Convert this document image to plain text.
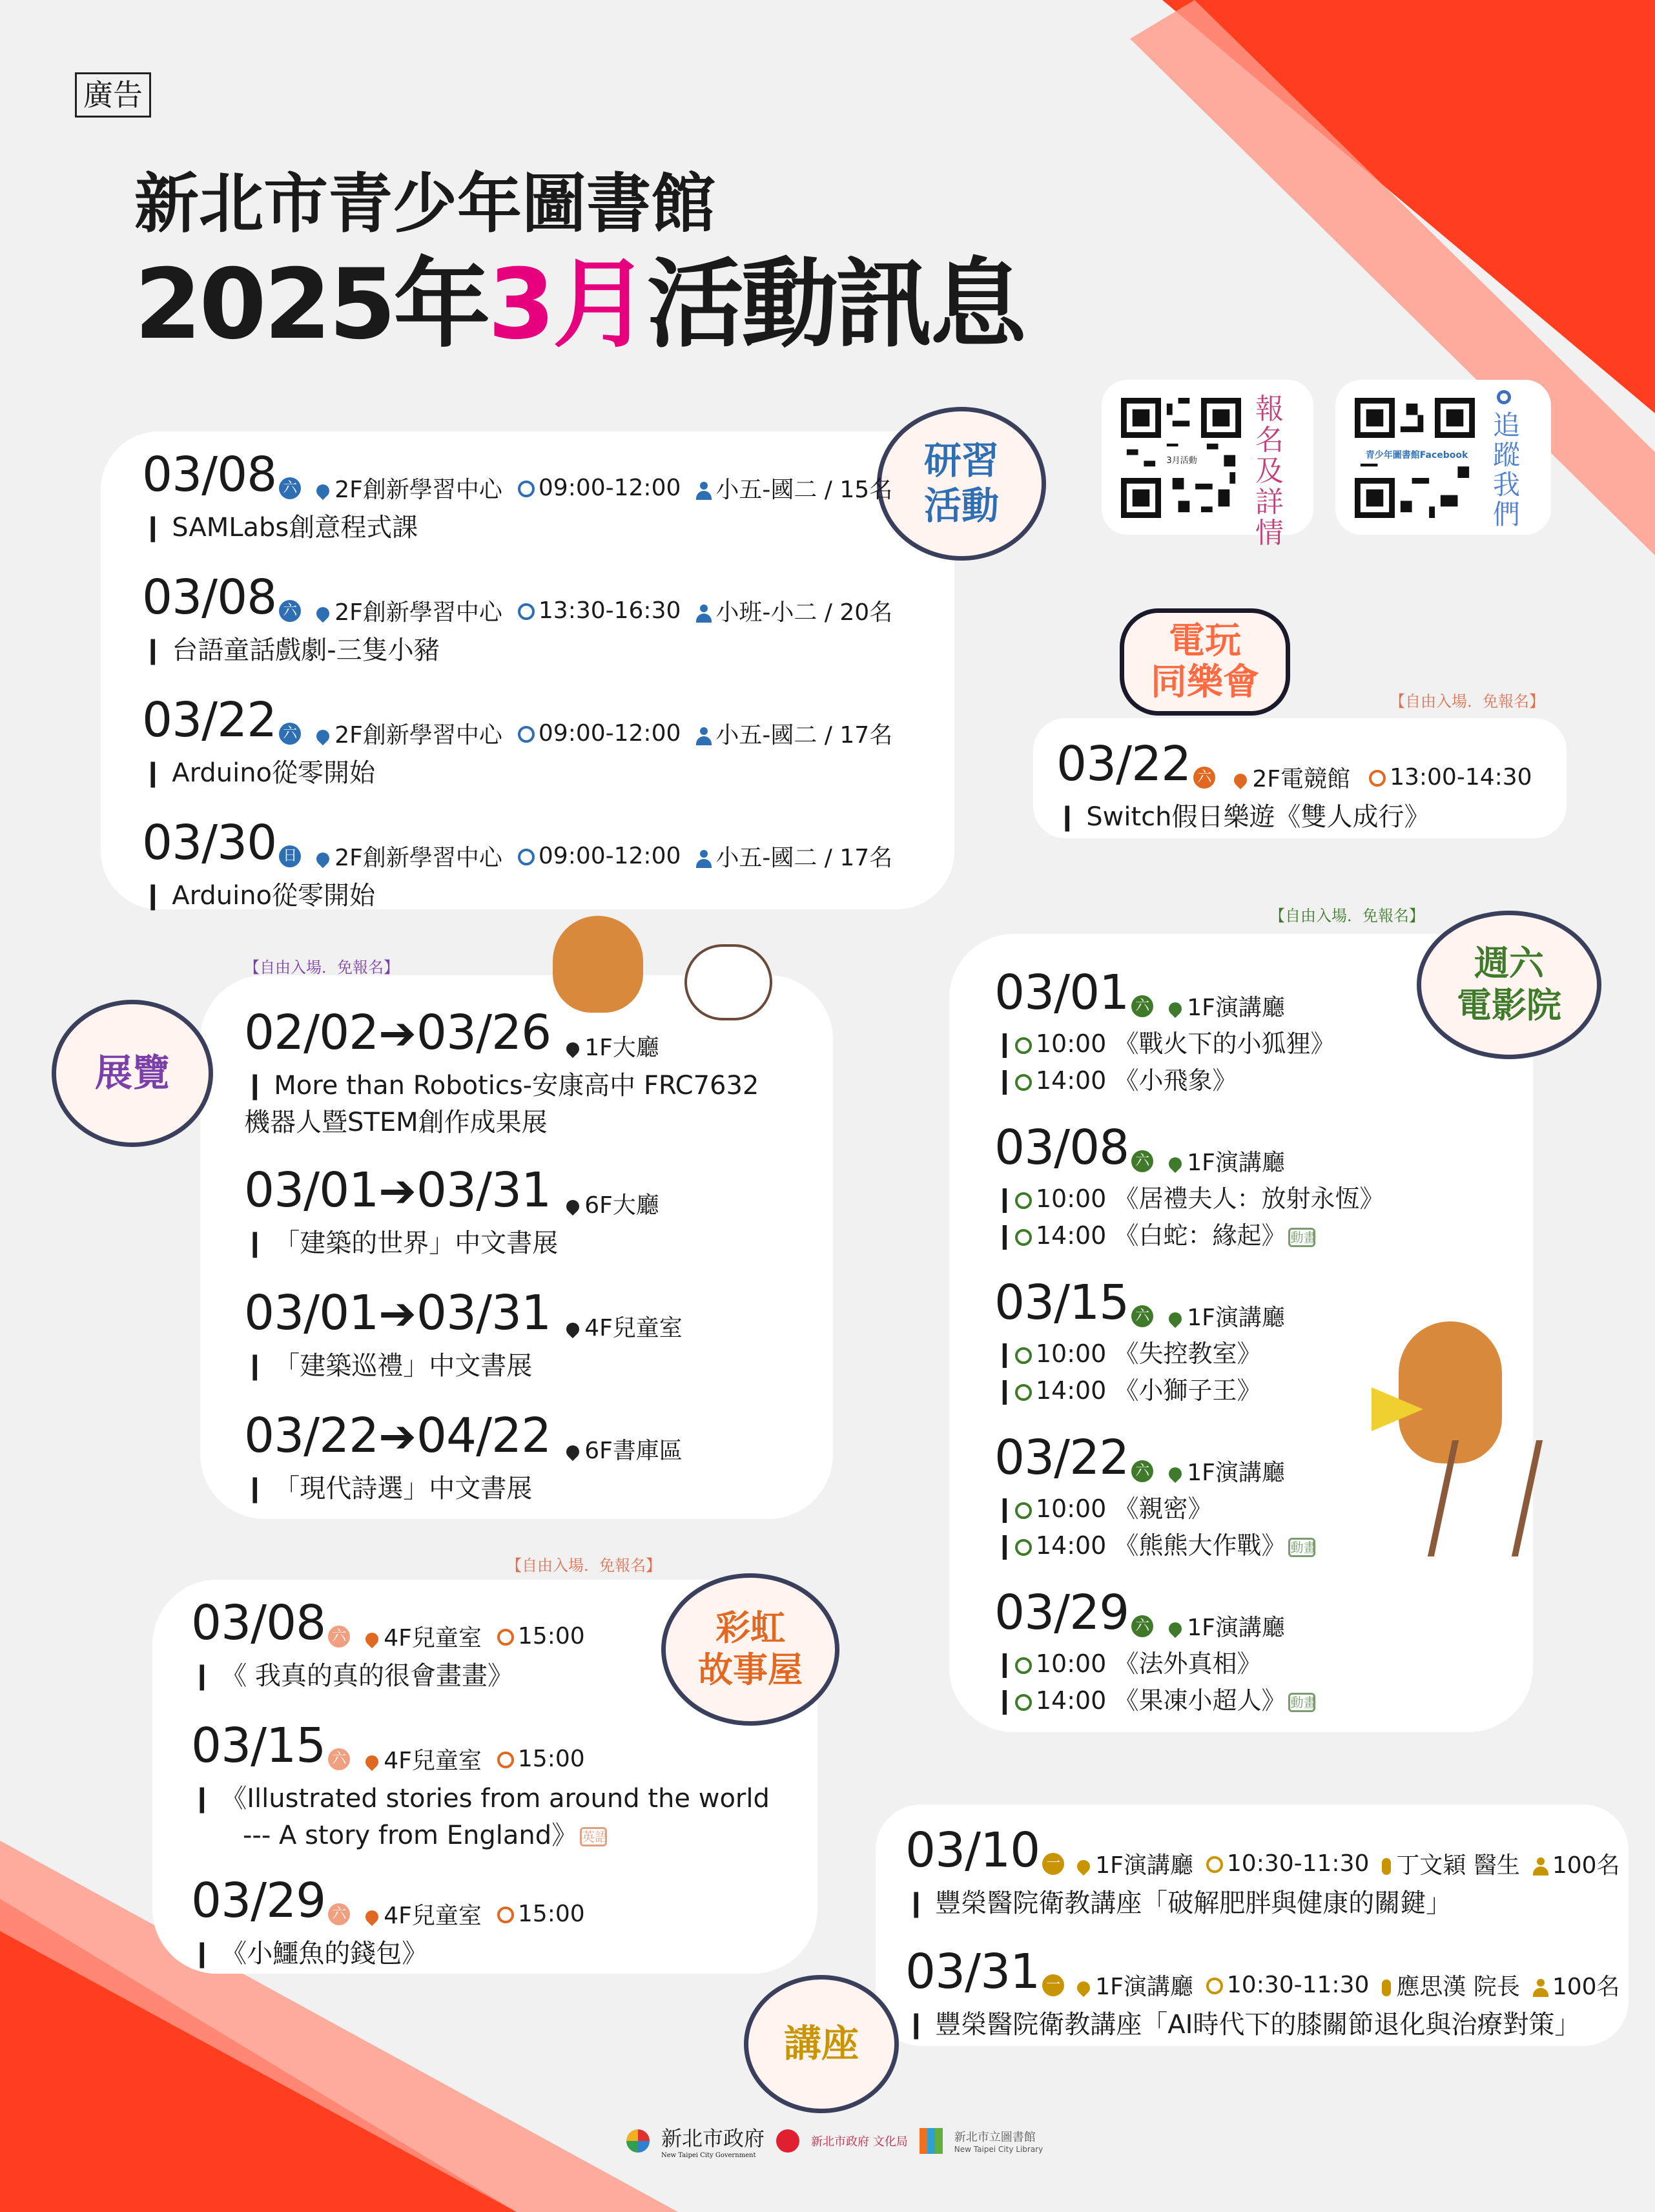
廣告
新北市青少年圖書館
2025年3月活動訊息
3月活動
報名及詳情
青少年圖書館Facebook
追蹤我們
研習
活動
03/08 六 2F創新學習中心 09:00-12:00 小五-國二 / 15名
❙ SAMLabs創意程式課
03/08 六 2F創新學習中心 13:30-16:30 小班-小二 / 20名
❙ 台語童話戲劇-三隻小豬
03/22 六 2F創新學習中心 09:00-12:00 小五-國二 / 17名
❙ Arduino從零開始
03/30 日 2F創新學習中心 09:00-12:00 小五-國二 / 17名
❙ Arduino從零開始
電玩
同樂會	【自由入場．免報名】
03/22 六 2F電競館 13:00-14:30
❙ Switch假日樂遊《雙人成行》
【自由入場．免報名】
展覽
02/02➔03/26 1F大廳
❙ More than Robotics-安康高中 FRC7632
機器人暨STEM創作成果展
03/01➔03/31 6F大廳
❙ 「建築的世界」中文書展
03/01➔03/31 4F兒童室
❙ 「建築巡禮」中文書展
03/22➔04/22 6F書庫區
❙ 「現代詩選」中文書展
【自由入場．免報名】
週六
電影院
03/01 六 1F演講廳
❙ 10:00 《戰火下的小狐狸》
❙ 14:00 《小飛象》
03/08 六 1F演講廳
❙ 10:00 《居禮夫人：放射永恆》
❙ 14:00 《白蛇：緣起》 動畫
03/15 六 1F演講廳
❙ 10:00 《失控教室》
❙ 14:00 《小獅子王》
03/22 六 1F演講廳
❙ 10:00 《親密》
❙ 14:00 《熊熊大作戰》 動畫
03/29 六 1F演講廳
❙ 10:00 《法外真相》
❙ 14:00 《果凍小超人》 動畫
【自由入場．免報名】
彩虹
故事屋
03/08 六 4F兒童室 15:00
❙ 《 我真的真的很會畫畫》
03/15 六 4F兒童室 15:00
❙ 《Illustrated stories from around the world
--- A story from England》 英語
03/29 六 4F兒童室 15:00
❙ 《小鱷魚的錢包》
講座
03/10 一 1F演講廳 10:30-11:30 丁文穎 醫生 100名
❙ 豐榮醫院衛教講座「破解肥胖與健康的關鍵」
03/31 一 1F演講廳 10:30-11:30 應思漢 院長 100名
❙ 豐榮醫院衛教講座「AI時代下的膝關節退化與治療對策」
新北市政府
New Taipei City Government
新北市政府 文化局	新北市立圖書館
New Taipei City Library
